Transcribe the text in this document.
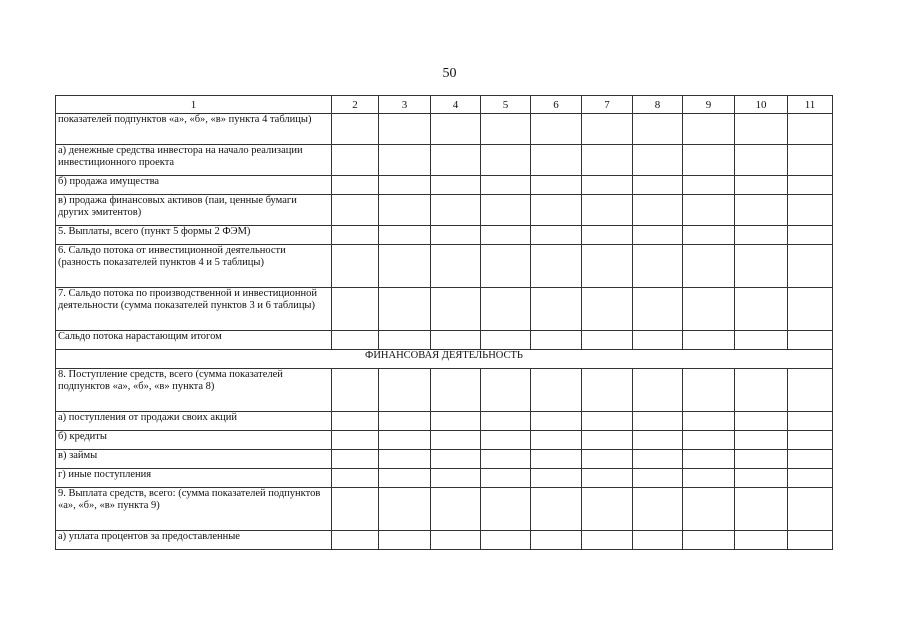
50
1	2	3	4	5	6	7	8	9	10	11
показателей подпунктов «а», «б», «в» пункта 4 таблицы)										
а) денежные средства инвестора на начало реализации инвестиционного проекта										
б) продажа имущества										
в) продажа финансовых активов (паи, ценные бумаги других эмитентов)										
5. Выплаты, всего (пункт 5 формы 2 ФЭМ)										
6. Сальдо потока от инвестиционной деятельности (разность показателей пунктов 4 и 5 таблицы)										
7. Сальдо потока по производственной и инвестиционной деятельности (сумма показателей пунктов 3 и 6 таблицы)										
Сальдо потока нарастающим итогом										
ФИНАНСОВАЯ ДЕЯТЕЛЬНОСТЬ										
8. Поступление средств, всего (сумма показателей подпунктов «а», «б», «в» пункта 8)										
а) поступления от продажи своих акций										
б) кредиты										
в) займы										
г) иные поступления										
9. Выплата средств, всего: (сумма показателей подпунктов «а», «б», «в» пункта 9)										
а) уплата процентов за предоставленные										
